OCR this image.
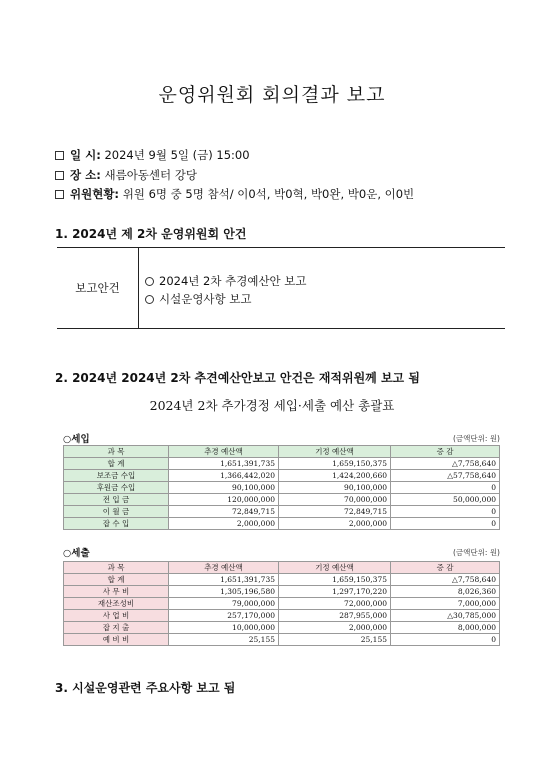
운영위원회 회의결과 보고
일 시: 2024년 9월 5일 (금) 15:00
장 소: 새름아동센터 강당
위원현황: 위원 6명 중 5명 참석/ 이0석, 박0혁, 박0완, 박0운, 이0빈
1. 2024년 제 2차 운영위원회 안건
보고안건	2024년 2차 추경예산안 보고
시설운영사항 보고
2. 2024년 2024년 2차 추견예산안보고 안건은 재적위원께 보고 됨
2024년 2차 추가경정 세입·세출 예산 총괄표
○세입	(금액단위: 원)
과 목	추경 예산액	기정 예산액	증 감
합 계	1,651,391,735	1,659,150,375	△7,758,640
보조금 수입	1,366,442,020	1,424,200,660	△57,758,640
후원금 수입	90,100,000	90,100,000	0
전 입 금	120,000,000	70,000,000	50,000,000
이 월 금	72,849,715	72,849,715	0
잡 수 입	2,000,000	2,000,000	0
○세출	(금액단위: 원)
과 목	추경 예산액	기정 예산액	증 감
합 계	1,651,391,735	1,659,150,375	△7,758,640
사 무 비	1,305,196,580	1,297,170,220	8,026,360
재산조성비	79,000,000	72,000,000	7,000,000
사 업 비	257,170,000	287,955,000	△30,785,000
잡 지 출	10,000,000	2,000,000	8,000,000
예 비 비	25,155	25,155	0
3. 시설운영관련 주요사항 보고 됨
